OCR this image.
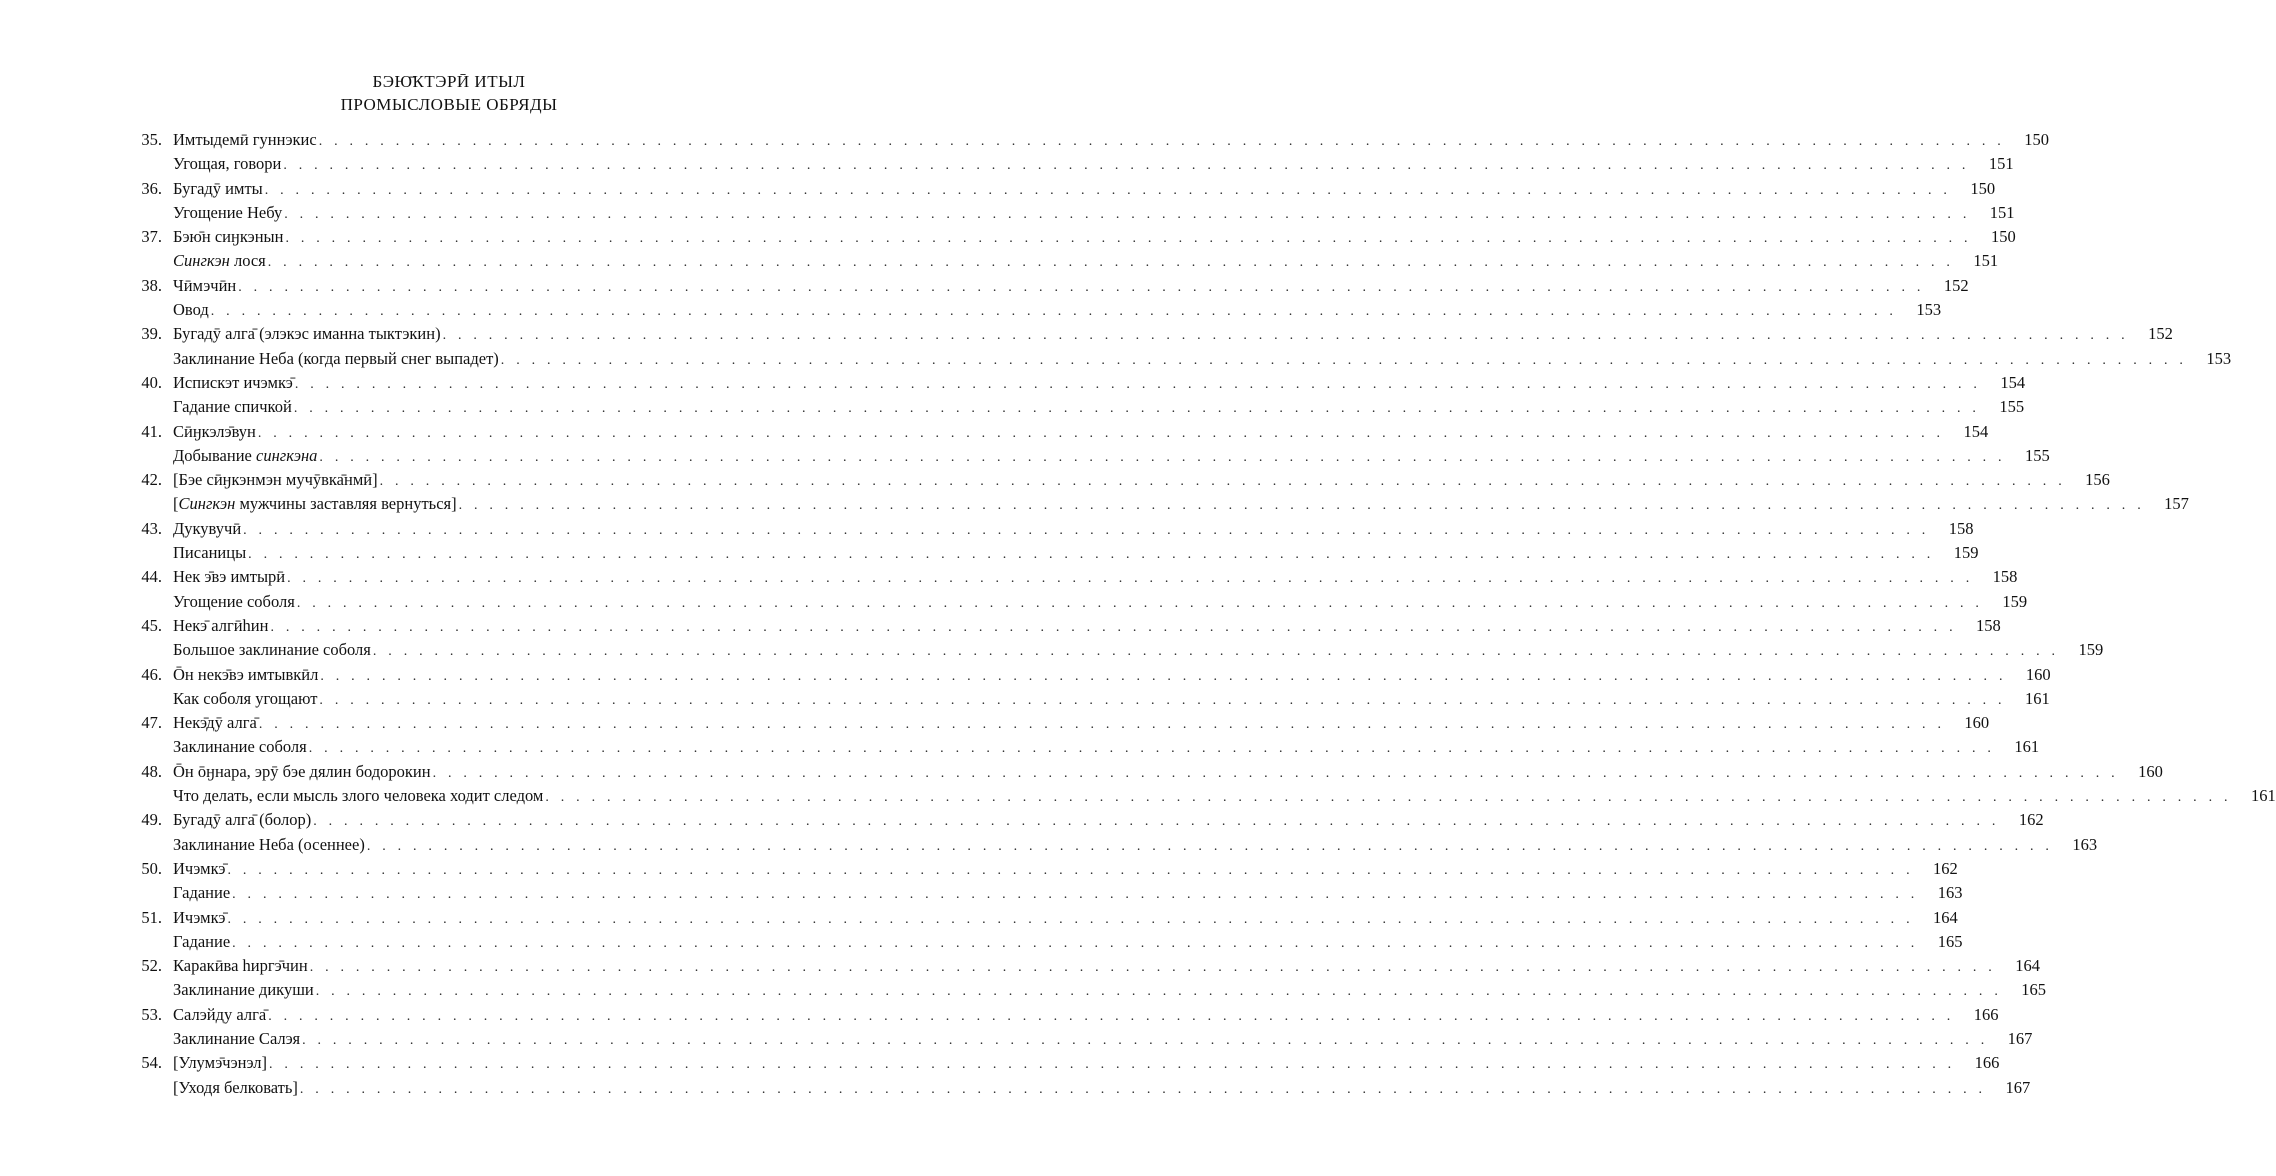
БЭЮ̄КТЭРӢ ИТЫЛ
ПРОМЫСЛОВЫЕ ОБРЯДЫ
35. Имтыдемӣ гуннэкис . . . . . . . . . . . . . . . . . . . . . . . . . . . . . . . . . . . . . . . . . . . . . . . . . . . . . . . . . . . . . . . . . . . . . . . . . . . . . . . . . . . . . . . . . . . . . . . . . . . . . . . . . . . . . .	150
Угощая, говори . . . . . . . . . . . . . . . . . . . . . . . . . . . . . . . . . . . . . . . . . . . . . . . . . . . . . . . . . . . . . . . . . . . . . . . . . . . . . . . . . . . . . . . . . . . . . . . . . . . . . . . . . . . . . .	151
36. Бугадӯ имты . . . . . . . . . . . . . . . . . . . . . . . . . . . . . . . . . . . . . . . . . . . . . . . . . . . . . . . . . . . . . . . . . . . . . . . . . . . . . . . . . . . . . . . . . . . . . . . . . . . . . . . . . . . . . .	150
Угощение Небу . . . . . . . . . . . . . . . . . . . . . . . . . . . . . . . . . . . . . . . . . . . . . . . . . . . . . . . . . . . . . . . . . . . . . . . . . . . . . . . . . . . . . . . . . . . . . . . . . . . . . . . . . . . . . .	151
37. Бэю̄н сиӈкэнын . . . . . . . . . . . . . . . . . . . . . . . . . . . . . . . . . . . . . . . . . . . . . . . . . . . . . . . . . . . . . . . . . . . . . . . . . . . . . . . . . . . . . . . . . . . . . . . . . . . . . . . . . . . . . .	150
Сингкэн лося . . . . . . . . . . . . . . . . . . . . . . . . . . . . . . . . . . . . . . . . . . . . . . . . . . . . . . . . . . . . . . . . . . . . . . . . . . . . . . . . . . . . . . . . . . . . . . . . . . . . . . . . . . . . . .	151
38. Чӣмэчӣн . . . . . . . . . . . . . . . . . . . . . . . . . . . . . . . . . . . . . . . . . . . . . . . . . . . . . . . . . . . . . . . . . . . . . . . . . . . . . . . . . . . . . . . . . . . . . . . . . . . . . . . . . . . . . .	152
Овод . . . . . . . . . . . . . . . . . . . . . . . . . . . . . . . . . . . . . . . . . . . . . . . . . . . . . . . . . . . . . . . . . . . . . . . . . . . . . . . . . . . . . . . . . . . . . . . . . . . . . . . . . . . . . .	153
39. Бугадӯ алга̄ (элэкэс иманна тыктэкин) . . . . . . . . . . . . . . . . . . . . . . . . . . . . . . . . . . . . . . . . . . . . . . . . . . . . . . . . . . . . . . . . . . . . . . . . . . . . . . . . . . . . . . . . . . . . . . . . . . . . . . . . . . . . . .	152
Заклинание Неба (когда первый снег выпадет) . . . . . . . . . . . . . . . . . . . . . . . . . . . . . . . . . . . . . . . . . . . . . . . . . . . . . . . . . . . . . . . . . . . . . . . . . . . . . . . . . . . . . . . . . . . . . . . . . . . . . . . . . . . . . .	153
40. Испискэт ичэмкэ̄ . . . . . . . . . . . . . . . . . . . . . . . . . . . . . . . . . . . . . . . . . . . . . . . . . . . . . . . . . . . . . . . . . . . . . . . . . . . . . . . . . . . . . . . . . . . . . . . . . . . . . . . . . . . . . .	154
Гадание спичкой . . . . . . . . . . . . . . . . . . . . . . . . . . . . . . . . . . . . . . . . . . . . . . . . . . . . . . . . . . . . . . . . . . . . . . . . . . . . . . . . . . . . . . . . . . . . . . . . . . . . . . . . . . . . . .	155
41. Сӣӈкэлэ̄вун . . . . . . . . . . . . . . . . . . . . . . . . . . . . . . . . . . . . . . . . . . . . . . . . . . . . . . . . . . . . . . . . . . . . . . . . . . . . . . . . . . . . . . . . . . . . . . . . . . . . . . . . . . . . . .	154
Добывание сингкэна . . . . . . . . . . . . . . . . . . . . . . . . . . . . . . . . . . . . . . . . . . . . . . . . . . . . . . . . . . . . . . . . . . . . . . . . . . . . . . . . . . . . . . . . . . . . . . . . . . . . . . . . . . . . . .	155
42. [Бэе сӣӈкэнмэн мучӯвка̄нмӣ] . . . . . . . . . . . . . . . . . . . . . . . . . . . . . . . . . . . . . . . . . . . . . . . . . . . . . . . . . . . . . . . . . . . . . . . . . . . . . . . . . . . . . . . . . . . . . . . . . . . . . . . . . . . . . .	156
[Сингкэн мужчины заставляя вернуться] . . . . . . . . . . . . . . . . . . . . . . . . . . . . . . . . . . . . . . . . . . . . . . . . . . . . . . . . . . . . . . . . . . . . . . . . . . . . . . . . . . . . . . . . . . . . . . . . . . . . . . . . . . . . . .	157
43. Дукувучӣ . . . . . . . . . . . . . . . . . . . . . . . . . . . . . . . . . . . . . . . . . . . . . . . . . . . . . . . . . . . . . . . . . . . . . . . . . . . . . . . . . . . . . . . . . . . . . . . . . . . . . . . . . . . . . .	158
Писаницы . . . . . . . . . . . . . . . . . . . . . . . . . . . . . . . . . . . . . . . . . . . . . . . . . . . . . . . . . . . . . . . . . . . . . . . . . . . . . . . . . . . . . . . . . . . . . . . . . . . . . . . . . . . . . .	159
44. Нек э̄вэ имтырӣ . . . . . . . . . . . . . . . . . . . . . . . . . . . . . . . . . . . . . . . . . . . . . . . . . . . . . . . . . . . . . . . . . . . . . . . . . . . . . . . . . . . . . . . . . . . . . . . . . . . . . . . . . . . . . .	158
Угощение соболя . . . . . . . . . . . . . . . . . . . . . . . . . . . . . . . . . . . . . . . . . . . . . . . . . . . . . . . . . . . . . . . . . . . . . . . . . . . . . . . . . . . . . . . . . . . . . . . . . . . . . . . . . . . . . .	159
45. Некэ̄ алгӣһин . . . . . . . . . . . . . . . . . . . . . . . . . . . . . . . . . . . . . . . . . . . . . . . . . . . . . . . . . . . . . . . . . . . . . . . . . . . . . . . . . . . . . . . . . . . . . . . . . . . . . . . . . . . . . .	158
Большое заклинание соболя . . . . . . . . . . . . . . . . . . . . . . . . . . . . . . . . . . . . . . . . . . . . . . . . . . . . . . . . . . . . . . . . . . . . . . . . . . . . . . . . . . . . . . . . . . . . . . . . . . . . . . . . . . . . . .	159
46. Ōн некэ̄вэ имтывкӣл . . . . . . . . . . . . . . . . . . . . . . . . . . . . . . . . . . . . . . . . . . . . . . . . . . . . . . . . . . . . . . . . . . . . . . . . . . . . . . . . . . . . . . . . . . . . . . . . . . . . . . . . . . . . . .	160
Как соболя угощают . . . . . . . . . . . . . . . . . . . . . . . . . . . . . . . . . . . . . . . . . . . . . . . . . . . . . . . . . . . . . . . . . . . . . . . . . . . . . . . . . . . . . . . . . . . . . . . . . . . . . . . . . . . . . .	161
47. Некэ̄дӯ алга̄ . . . . . . . . . . . . . . . . . . . . . . . . . . . . . . . . . . . . . . . . . . . . . . . . . . . . . . . . . . . . . . . . . . . . . . . . . . . . . . . . . . . . . . . . . . . . . . . . . . . . . . . . . . . . . .	160
Заклинание соболя . . . . . . . . . . . . . . . . . . . . . . . . . . . . . . . . . . . . . . . . . . . . . . . . . . . . . . . . . . . . . . . . . . . . . . . . . . . . . . . . . . . . . . . . . . . . . . . . . . . . . . . . . . . . . .	161
48. Ōн ōӈнара, эрӯ бэе дялин бодорокин . . . . . . . . . . . . . . . . . . . . . . . . . . . . . . . . . . . . . . . . . . . . . . . . . . . . . . . . . . . . . . . . . . . . . . . . . . . . . . . . . . . . . . . . . . . . . . . . . . . . . . . . . . . . . .	160
Что делать, если мысль злого человека ходит следом . . . . . . . . . . . . . . . . . . . . . . . . . . . . . . . . . . . . . . . . . . . . . . . . . . . . . . . . . . . . . . . . . . . . . . . . . . . . . . . . . . . . . . . . . . . . . . . . . . . . . . . . . . . . . .	161
49. Бугадӯ алга̄ (болор) . . . . . . . . . . . . . . . . . . . . . . . . . . . . . . . . . . . . . . . . . . . . . . . . . . . . . . . . . . . . . . . . . . . . . . . . . . . . . . . . . . . . . . . . . . . . . . . . . . . . . . . . . . . . . .	162
Заклинание Неба (осеннее) . . . . . . . . . . . . . . . . . . . . . . . . . . . . . . . . . . . . . . . . . . . . . . . . . . . . . . . . . . . . . . . . . . . . . . . . . . . . . . . . . . . . . . . . . . . . . . . . . . . . . . . . . . . . . .	163
50. Ичэмкэ̄ . . . . . . . . . . . . . . . . . . . . . . . . . . . . . . . . . . . . . . . . . . . . . . . . . . . . . . . . . . . . . . . . . . . . . . . . . . . . . . . . . . . . . . . . . . . . . . . . . . . . . . . . . . . . . .	162
Гадание . . . . . . . . . . . . . . . . . . . . . . . . . . . . . . . . . . . . . . . . . . . . . . . . . . . . . . . . . . . . . . . . . . . . . . . . . . . . . . . . . . . . . . . . . . . . . . . . . . . . . . . . . . . . . .	163
51. Ичэмкэ̄ . . . . . . . . . . . . . . . . . . . . . . . . . . . . . . . . . . . . . . . . . . . . . . . . . . . . . . . . . . . . . . . . . . . . . . . . . . . . . . . . . . . . . . . . . . . . . . . . . . . . . . . . . . . . . .	164
Гадание . . . . . . . . . . . . . . . . . . . . . . . . . . . . . . . . . . . . . . . . . . . . . . . . . . . . . . . . . . . . . . . . . . . . . . . . . . . . . . . . . . . . . . . . . . . . . . . . . . . . . . . . . . . . . .	165
52. Каракӣва һиргэ̄чин . . . . . . . . . . . . . . . . . . . . . . . . . . . . . . . . . . . . . . . . . . . . . . . . . . . . . . . . . . . . . . . . . . . . . . . . . . . . . . . . . . . . . . . . . . . . . . . . . . . . . . . . . . . . . .	164
Заклинание дикуши . . . . . . . . . . . . . . . . . . . . . . . . . . . . . . . . . . . . . . . . . . . . . . . . . . . . . . . . . . . . . . . . . . . . . . . . . . . . . . . . . . . . . . . . . . . . . . . . . . . . . . . . . . . . . .	165
53. Салэйду алга̄ . . . . . . . . . . . . . . . . . . . . . . . . . . . . . . . . . . . . . . . . . . . . . . . . . . . . . . . . . . . . . . . . . . . . . . . . . . . . . . . . . . . . . . . . . . . . . . . . . . . . . . . . . . . . . .	166
Заклинание Салэя . . . . . . . . . . . . . . . . . . . . . . . . . . . . . . . . . . . . . . . . . . . . . . . . . . . . . . . . . . . . . . . . . . . . . . . . . . . . . . . . . . . . . . . . . . . . . . . . . . . . . . . . . . . . . .	167
54. [Улумэ̄чэнэл] . . . . . . . . . . . . . . . . . . . . . . . . . . . . . . . . . . . . . . . . . . . . . . . . . . . . . . . . . . . . . . . . . . . . . . . . . . . . . . . . . . . . . . . . . . . . . . . . . . . . . . . . . . . . . .	166
[Уходя белковать] . . . . . . . . . . . . . . . . . . . . . . . . . . . . . . . . . . . . . . . . . . . . . . . . . . . . . . . . . . . . . . . . . . . . . . . . . . . . . . . . . . . . . . . . . . . . . . . . . . . . . . . . . . . . . .	167
